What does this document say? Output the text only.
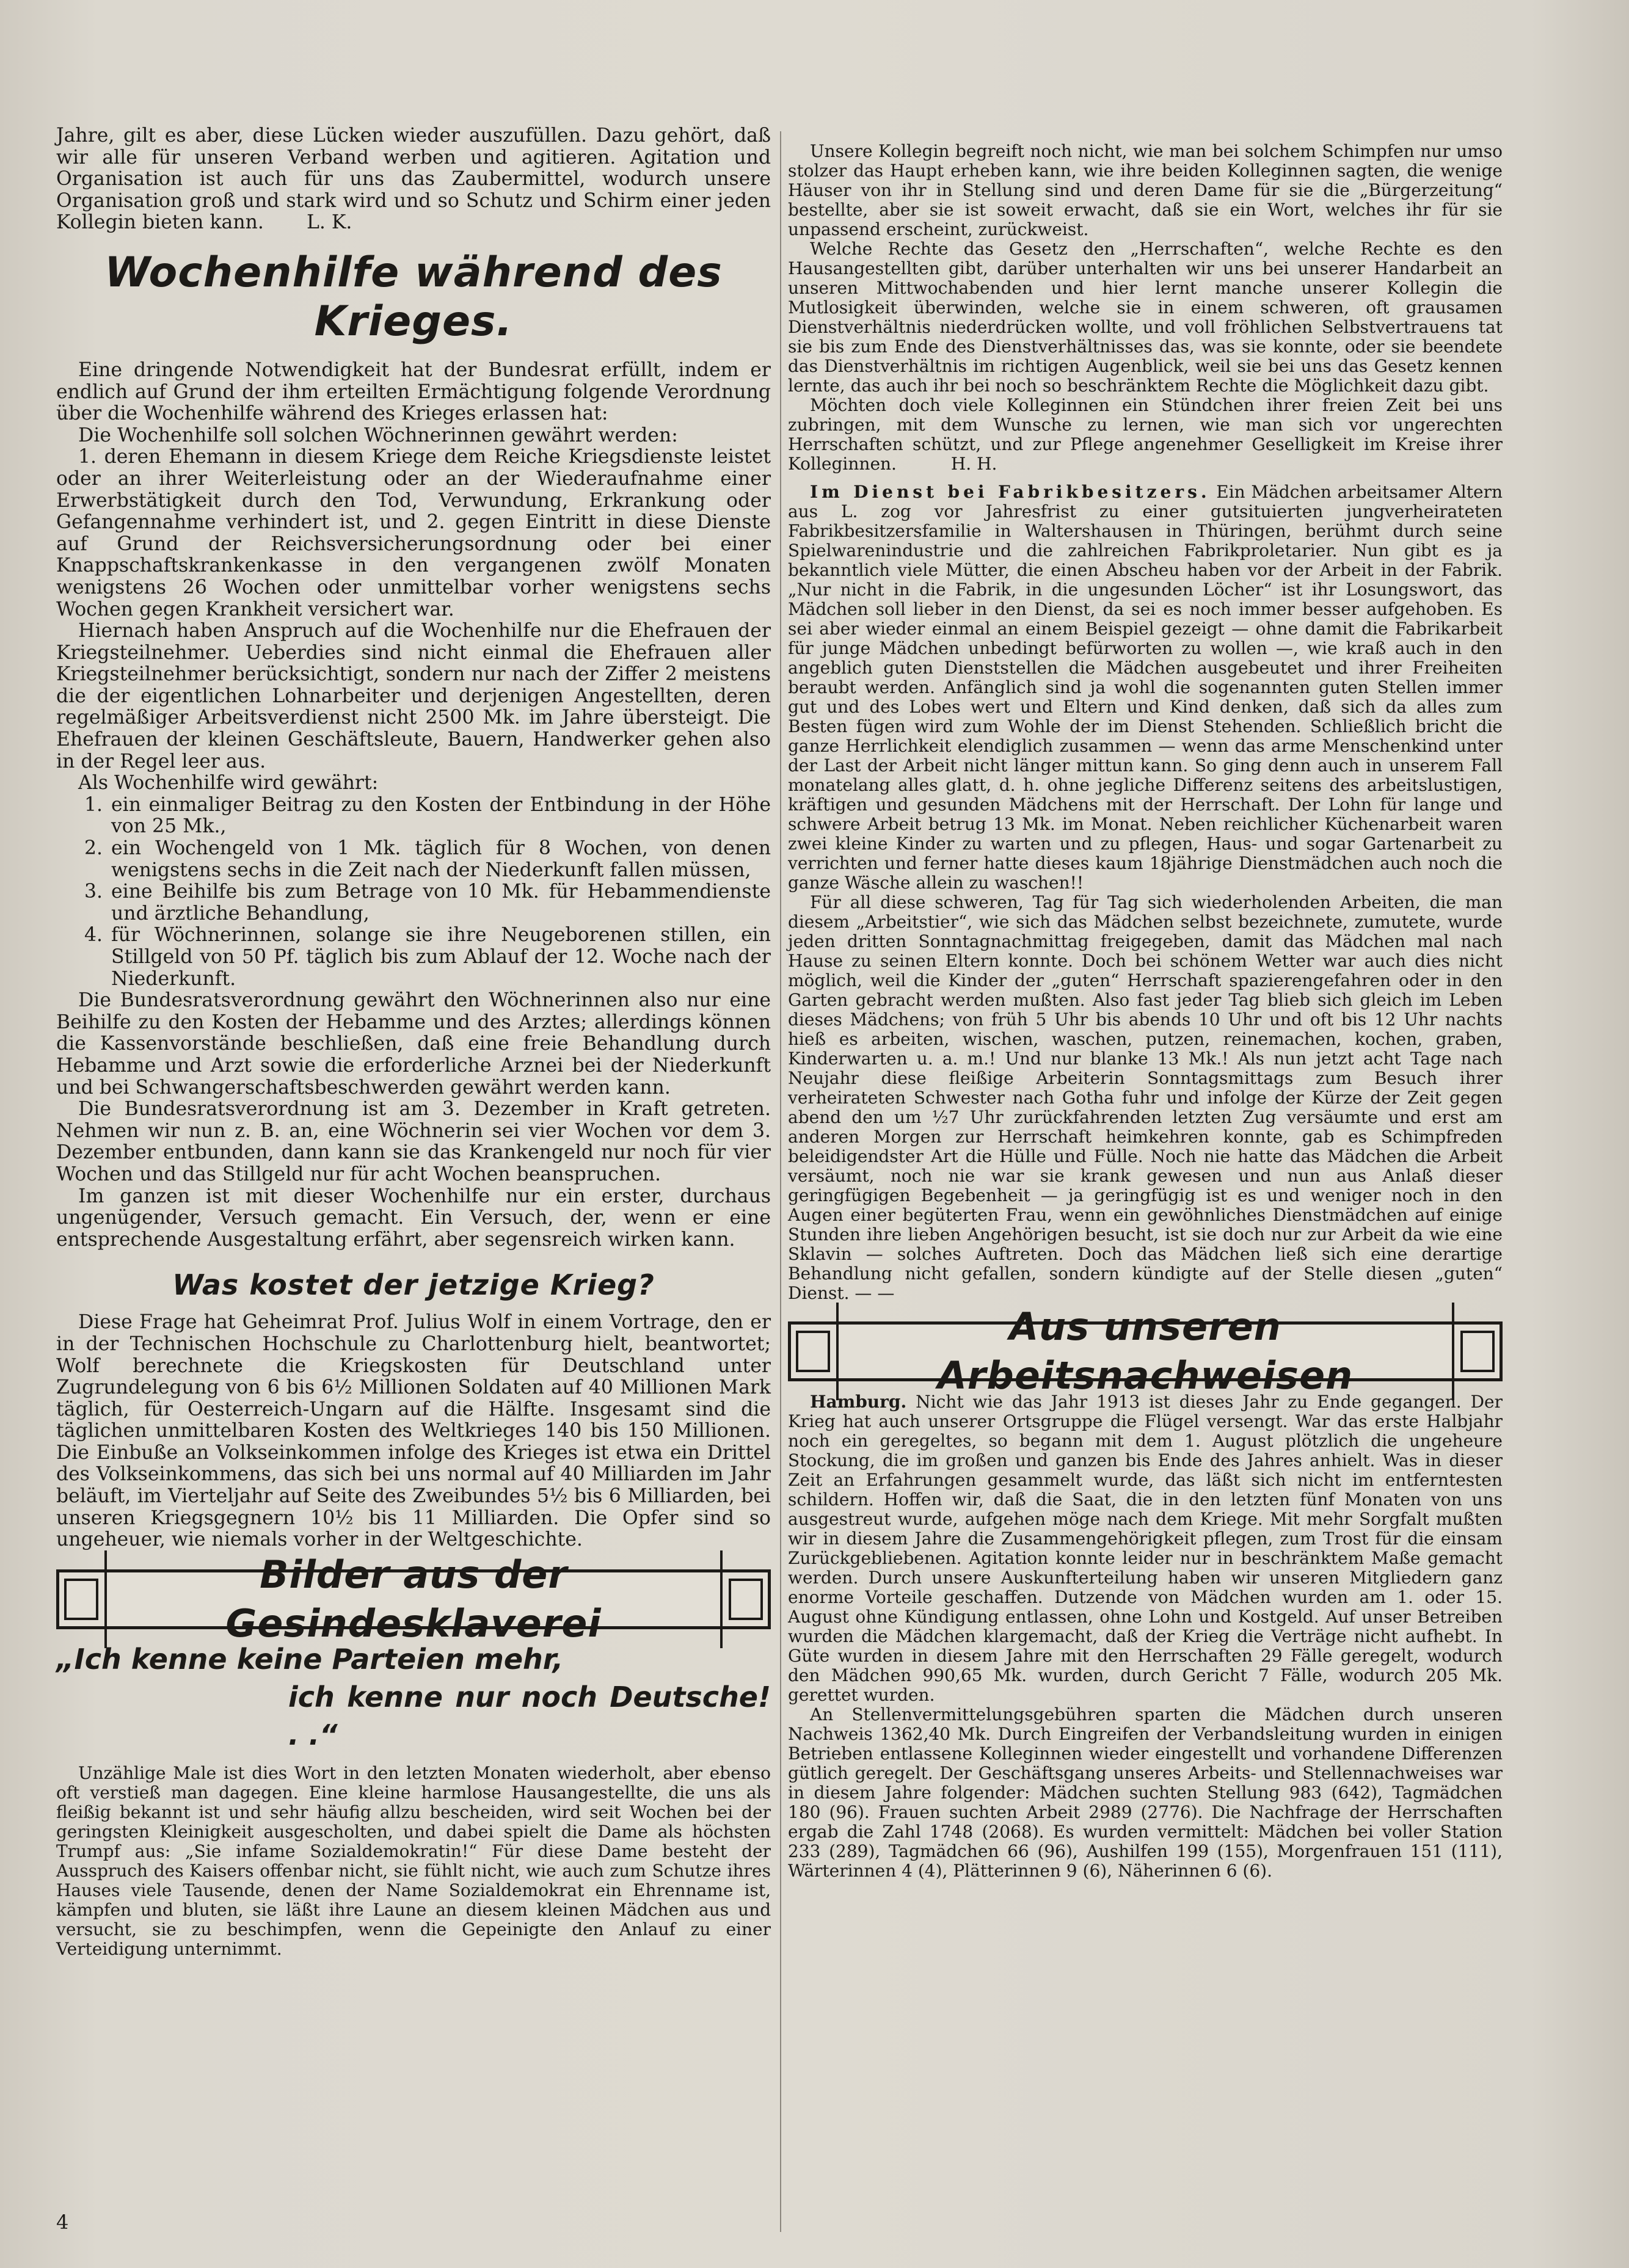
Jahre, gilt es aber, diese Lücken wieder auszufüllen. Dazu gehört, daß wir alle für unseren Verband werben und agitieren. Agitation und Organisation ist auch für uns das Zaubermittel, wodurch unsere Organisation groß und stark wird und so Schutz und Schirm einer jeden Kollegin bieten kann. L. K.

Wochenhilfe während des Krieges.

Eine dringende Notwendigkeit hat der Bundesrat erfüllt, indem er endlich auf Grund der ihm erteilten Ermächtigung folgende Verordnung über die Wochenhilfe während des Krieges erlassen hat:

Die Wochenhilfe soll solchen Wöchnerinnen gewährt werden:

1. deren Ehemann in diesem Kriege dem Reiche Kriegsdienste leistet oder an ihrer Weiterleistung oder an der Wiederaufnahme einer Erwerbstätigkeit durch den Tod, Verwundung, Erkrankung oder Gefangennahme verhindert ist, und 2. gegen Eintritt in diese Dienste auf Grund der Reichsversicherungsordnung oder bei einer Knappschaftskrankenkasse in den vergangenen zwölf Monaten wenigstens 26 Wochen oder unmittelbar vorher wenigstens sechs Wochen gegen Krankheit versichert war.

Hiernach haben Anspruch auf die Wochenhilfe nur die Ehefrauen der Kriegsteilnehmer. Ueberdies sind nicht einmal die Ehefrauen aller Kriegsteilnehmer berücksichtigt, sondern nur nach der Ziffer 2 meistens die der eigentlichen Lohnarbeiter und derjenigen Angestellten, deren regelmäßiger Arbeitsverdienst nicht 2500 Mk. im Jahre übersteigt. Die Ehefrauen der kleinen Geschäftsleute, Bauern, Handwerker gehen also in der Regel leer aus.

Als Wochenhilfe wird gewährt:

1. ein einmaliger Beitrag zu den Kosten der Entbindung in der Höhe von 25 Mk.,
2. ein Wochengeld von 1 Mk. täglich für 8 Wochen, von denen wenigstens sechs in die Zeit nach der Niederkunft fallen müssen,
3. eine Beihilfe bis zum Betrage von 10 Mk. für Hebammendienste und ärztliche Behandlung,
4. für Wöchnerinnen, solange sie ihre Neugeborenen stillen, ein Stillgeld von 50 Pf. täglich bis zum Ablauf der 12. Woche nach der Niederkunft.

Die Bundesratsverordnung gewährt den Wöchnerinnen also nur eine Beihilfe zu den Kosten der Hebamme und des Arztes; allerdings können die Kassenvorstände beschließen, daß eine freie Behandlung durch Hebamme und Arzt sowie die erforderliche Arznei bei der Niederkunft und bei Schwangerschaftsbeschwerden gewährt werden kann.

Die Bundesratsverordnung ist am 3. Dezember in Kraft getreten. Nehmen wir nun z. B. an, eine Wöchnerin sei vier Wochen vor dem 3. Dezember entbunden, dann kann sie das Krankengeld nur noch für vier Wochen und das Stillgeld nur für acht Wochen beanspruchen.

Im ganzen ist mit dieser Wochenhilfe nur ein erster, durchaus ungenügender, Versuch gemacht. Ein Versuch, der, wenn er eine entsprechende Ausgestaltung erfährt, aber segensreich wirken kann.

Was kostet der jetzige Krieg?

Diese Frage hat Geheimrat Prof. Julius Wolf in einem Vortrage, den er in der Technischen Hochschule zu Charlottenburg hielt, beantwortet; Wolf berechnete die Kriegskosten für Deutschland unter Zugrundelegung von 6 bis 6½ Millionen Soldaten auf 40 Millionen Mark täglich, für Oesterreich-Ungarn auf die Hälfte. Insgesamt sind die täglichen unmittelbaren Kosten des Weltkrieges 140 bis 150 Millionen. Die Einbuße an Volkseinkommen infolge des Krieges ist etwa ein Drittel des Volkseinkommens, das sich bei uns normal auf 40 Milliarden im Jahr beläuft, im Vierteljahr auf Seite des Zweibundes 5½ bis 6 Milliarden, bei unseren Kriegsgegnern 10½ bis 11 Milliarden. Die Opfer sind so ungeheuer, wie niemals vorher in der Weltgeschichte.

Bilder aus der Gesindesklaverei
„Ich kenne keine Parteien mehr,
ich kenne nur noch Deutsche! . .“

Unzählige Male ist dies Wort in den letzten Monaten wiederholt, aber ebenso oft verstieß man dagegen. Eine kleine harmlose Hausangestellte, die uns als fleißig bekannt ist und sehr häufig allzu bescheiden, wird seit Wochen bei der geringsten Kleinigkeit ausgescholten, und dabei spielt die Dame als höchsten Trumpf aus: „Sie infame Sozialdemokratin!“ Für diese Dame besteht der Ausspruch des Kaisers offenbar nicht, sie fühlt nicht, wie auch zum Schutze ihres Hauses viele Tausende, denen der Name Sozialdemokrat ein Ehrenname ist, kämpfen und bluten, sie läßt ihre Laune an diesem kleinen Mädchen aus und versucht, sie zu beschimpfen, wenn die Gepeinigte den Anlauf zu einer Verteidigung unternimmt.

Unsere Kollegin begreift noch nicht, wie man bei solchem Schimpfen nur umso stolzer das Haupt erheben kann, wie ihre beiden Kolleginnen sagten, die wenige Häuser von ihr in Stellung sind und deren Dame für sie die „Bürgerzeitung“ bestellte, aber sie ist soweit erwacht, daß sie ein Wort, welches ihr für sie unpassend erscheint, zurückweist.

Welche Rechte das Gesetz den „Herrschaften“, welche Rechte es den Hausangestellten gibt, darüber unterhalten wir uns bei unserer Handarbeit an unseren Mittwochabenden und hier lernt manche unserer Kollegin die Mutlosigkeit überwinden, welche sie in einem schweren, oft grausamen Dienstverhältnis niederdrücken wollte, und voll fröhlichen Selbstvertrauens tat sie bis zum Ende des Dienstverhältnisses das, was sie konnte, oder sie beendete das Dienstverhältnis im richtigen Augenblick, weil sie bei uns das Gesetz kennen lernte, das auch ihr bei noch so beschränktem Rechte die Möglichkeit dazu gibt.

Möchten doch viele Kolleginnen ein Stündchen ihrer freien Zeit bei uns zubringen, mit dem Wunsche zu lernen, wie man sich vor ungerechten Herrschaften schützt, und zur Pflege angenehmer Geselligkeit im Kreise ihrer Kolleginnen.	H. H.

Im Dienst bei Fabrikbesitzers. Ein Mädchen arbeitsamer Altern aus L. zog vor Jahresfrist zu einer gutsituierten jungverheirateten Fabrikbesitzersfamilie in Waltershausen in Thüringen, berühmt durch seine Spielwarenindustrie und die zahlreichen Fabrikproletarier. Nun gibt es ja bekanntlich viele Mütter, die einen Abscheu haben vor der Arbeit in der Fabrik. „Nur nicht in die Fabrik, in die ungesunden Löcher“ ist ihr Losungswort, das Mädchen soll lieber in den Dienst, da sei es noch immer besser aufgehoben. Es sei aber wieder einmal an einem Beispiel gezeigt — ohne damit die Fabrikarbeit für junge Mädchen unbedingt befürworten zu wollen —, wie kraß auch in den angeblich guten Dienststellen die Mädchen ausgebeutet und ihrer Freiheiten beraubt werden. Anfänglich sind ja wohl die sogenannten guten Stellen immer gut und des Lobes wert und Eltern und Kind denken, daß sich da alles zum Besten fügen wird zum Wohle der im Dienst Stehenden. Schließlich bricht die ganze Herrlichkeit elendiglich zusammen — wenn das arme Menschenkind unter der Last der Arbeit nicht länger mittun kann. So ging denn auch in unserem Fall monatelang alles glatt, d. h. ohne jegliche Differenz seitens des arbeitslustigen, kräftigen und gesunden Mädchens mit der Herrschaft. Der Lohn für lange und schwere Arbeit betrug 13 Mk. im Monat. Neben reichlicher Küchenarbeit waren zwei kleine Kinder zu warten und zu pflegen, Haus- und sogar Gartenarbeit zu verrichten und ferner hatte dieses kaum 18jährige Dienstmädchen auch noch die ganze Wäsche allein zu waschen!!

Für all diese schweren, Tag für Tag sich wiederholenden Arbeiten, die man diesem „Arbeitstier“, wie sich das Mädchen selbst bezeichnete, zumutete, wurde jeden dritten Sonntagnachmittag freigegeben, damit das Mädchen mal nach Hause zu seinen Eltern konnte. Doch bei schönem Wetter war auch dies nicht möglich, weil die Kinder der „guten“ Herrschaft spazierengefahren oder in den Garten gebracht werden mußten. Also fast jeder Tag blieb sich gleich im Leben dieses Mädchens; von früh 5 Uhr bis abends 10 Uhr und oft bis 12 Uhr nachts hieß es arbeiten, wischen, waschen, putzen, reinemachen, kochen, graben, Kinderwarten u. a. m.! Und nur blanke 13 Mk.! Als nun jetzt acht Tage nach Neujahr diese fleißige Arbeiterin Sonntagsmittags zum Besuch ihrer verheirateten Schwester nach Gotha fuhr und infolge der Kürze der Zeit gegen abend den um ½7 Uhr zurückfahrenden letzten Zug versäumte und erst am anderen Morgen zur Herrschaft heimkehren konnte, gab es Schimpfreden beleidigendster Art die Hülle und Fülle. Noch nie hatte das Mädchen die Arbeit versäumt, noch nie war sie krank gewesen und nun aus Anlaß dieser geringfügigen Begebenheit — ja geringfügig ist es und weniger noch in den Augen einer begüterten Frau, wenn ein gewöhnliches Dienstmädchen auf einige Stunden ihre lieben Angehörigen besucht, ist sie doch nur zur Arbeit da wie eine Sklavin — solches Auftreten. Doch das Mädchen ließ sich eine derartige Behandlung nicht gefallen, sondern kündigte auf der Stelle diesen „guten“ Dienst. — —

Aus unseren Arbeitsnachweisen

Hamburg. Nicht wie das Jahr 1913 ist dieses Jahr zu Ende gegangen. Der Krieg hat auch unserer Ortsgruppe die Flügel versengt. War das erste Halbjahr noch ein geregeltes, so begann mit dem 1. August plötzlich die ungeheure Stockung, die im großen und ganzen bis Ende des Jahres anhielt. Was in dieser Zeit an Erfahrungen gesammelt wurde, das läßt sich nicht im entferntesten schildern. Hoffen wir, daß die Saat, die in den letzten fünf Monaten von uns ausgestreut wurde, aufgehen möge nach dem Kriege. Mit mehr Sorgfalt mußten wir in diesem Jahre die Zusammengehörigkeit pflegen, zum Trost für die einsam Zurückgebliebenen. Agitation konnte leider nur in beschränktem Maße gemacht werden. Durch unsere Auskunfterteilung haben wir unseren Mitgliedern ganz enorme Vorteile geschaffen. Dutzende von Mädchen wurden am 1. oder 15. August ohne Kündigung entlassen, ohne Lohn und Kostgeld. Auf unser Betreiben wurden die Mädchen klargemacht, daß der Krieg die Verträge nicht aufhebt. In Güte wurden in diesem Jahre mit den Herrschaften 29 Fälle geregelt, wodurch den Mädchen 990,65 Mk. wurden, durch Gericht 7 Fälle, wodurch 205 Mk. gerettet wurden.

An Stellenvermittelungsgebühren sparten die Mädchen durch unseren Nachweis 1362,40 Mk. Durch Eingreifen der Verbandsleitung wurden in einigen Betrieben entlassene Kolleginnen wieder eingestellt und vorhandene Differenzen gütlich geregelt. Der Geschäftsgang unseres Arbeits- und Stellennachweises war in diesem Jahre folgender: Mädchen suchten Stellung 983 (642), Tagmädchen 180 (96). Frauen suchten Arbeit 2989 (2776). Die Nachfrage der Herrschaften ergab die Zahl 1748 (2068). Es wurden vermittelt: Mädchen bei voller Station 233 (289), Tagmädchen 66 (96), Aushilfen 199 (155), Morgenfrauen 151 (111), Wärterinnen 4 (4), Plätterinnen 9 (6), Näherinnen 6 (6).

4
